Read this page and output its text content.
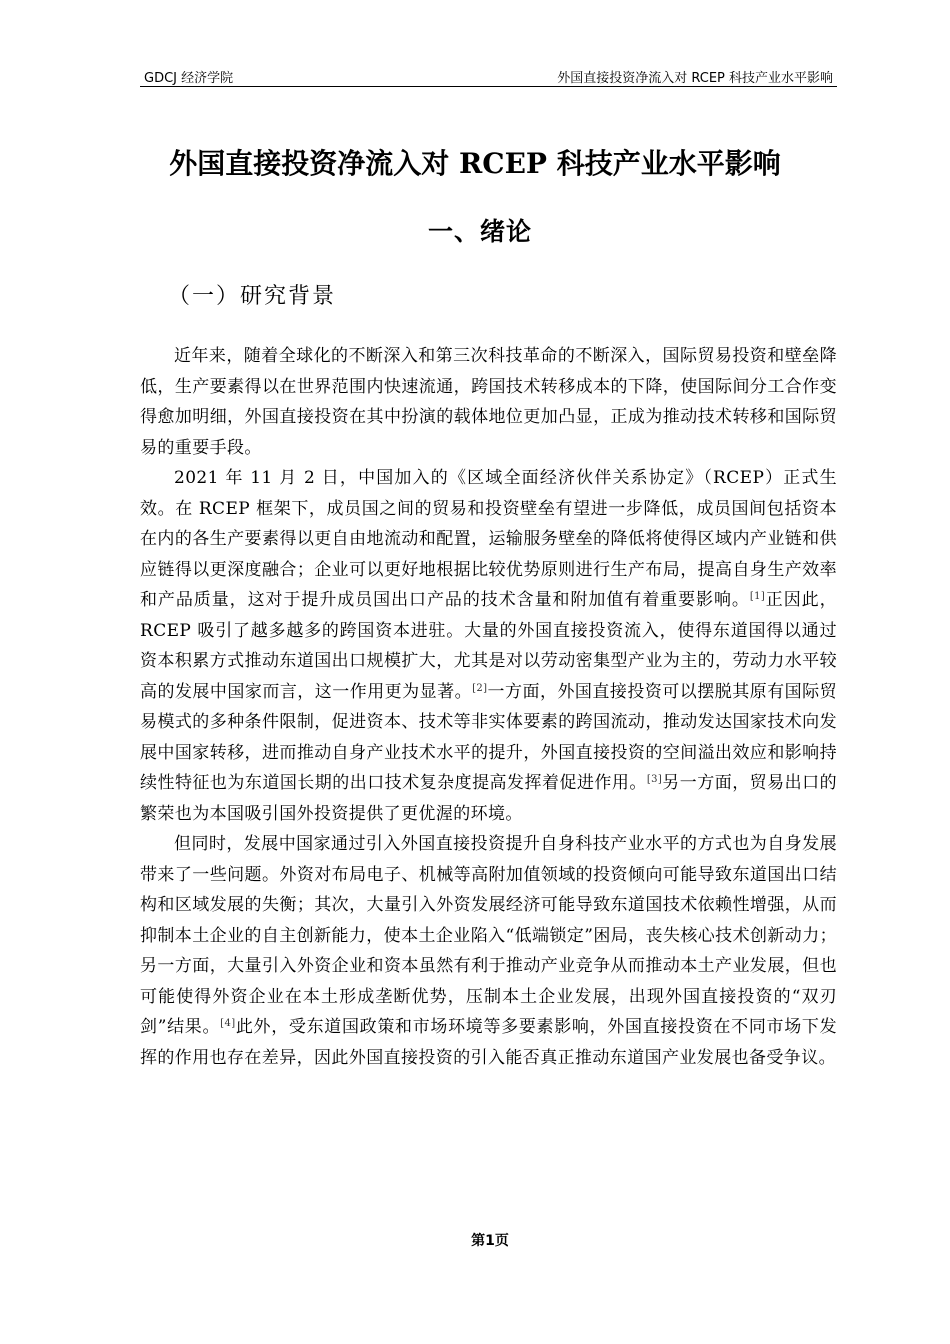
GDCJ 经济学院	外国直接投资净流入对 RCEP 科技产业水平影响
外国直接投资净流入对 RCEP 科技产业水平影响
一、绪论
（一）研究背景

近年来，随着全球化的不断深入和第三次科技革命的不断深入，国际贸易投资和壁垒降低，生产要素得以在世界范围内快速流通，跨国技术转移成本的下降，使国际间分工合作变得愈加明细，外国直接投资在其中扮演的载体地位更加凸显，正成为推动技术转移和国际贸易的重要手段。

2021 年 11 月 2 日，中国加入的《区域全面经济伙伴关系协定》（RCEP）正式生效。在 RCEP 框架下，成员国之间的贸易和投资壁垒有望进一步降低，成员国间包括资本在内的各生产要素得以更自由地流动和配置，运输服务壁垒的降低将使得区域内产业链和供应链得以更深度融合；企业可以更好地根据比较优势原则进行生产布局，提高自身生产效率和产品质量，这对于提升成员国出口产品的技术含量和附加值有着重要影响。[1]正因此，RCEP 吸引了越多越多的跨国资本进驻。大量的外国直接投资流入，使得东道国得以通过资本积累方式推动东道国出口规模扩大，尤其是对以劳动密集型产业为主的，劳动力水平较高的发展中国家而言，这一作用更为显著。[2]一方面，外国直接投资可以摆脱其原有国际贸易模式的多种条件限制，促进资本、技术等非实体要素的跨国流动，推动发达国家技术向发展中国家转移，进而推动自身产业技术水平的提升，外国直接投资的空间溢出效应和影响持续性特征也为东道国长期的出口技术复杂度提高发挥着促进作用。[3]另一方面，贸易出口的繁荣也为本国吸引国外投资提供了更优渥的环境。

但同时，发展中国家通过引入外国直接投资提升自身科技产业水平的方式也为自身发展带来了一些问题。外资对布局电子、机械等高附加值领域的投资倾向可能导致东道国出口结构和区域发展的失衡；其次，大量引入外资发展经济可能导致东道国技术依赖性增强，从而抑制本土企业的自主创新能力，使本土企业陷入“低端锁定”困局，丧失核心技术创新动力；另一方面，大量引入外资企业和资本虽然有利于推动产业竞争从而推动本土产业发展，但也可能使得外资企业在本土形成垄断优势，压制本土企业发展，出现外国直接投资的“双刃剑”结果。[4]此外，受东道国政策和市场环境等多要素影响，外国直接投资在不同市场下发挥的作用也存在差异，因此外国直接投资的引入能否真正推动东道国产业发展也备受争议。

第1页
